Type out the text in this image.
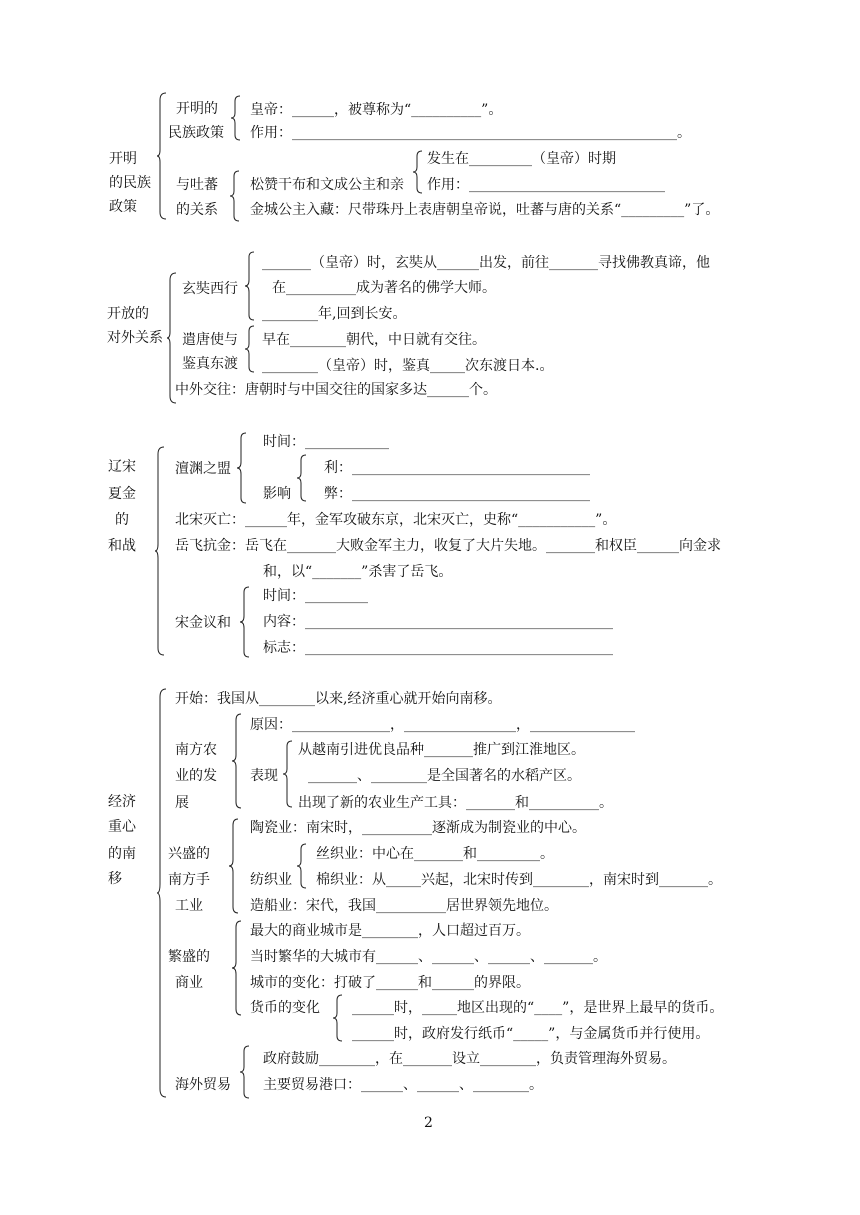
开明
的民族
政策
开明的
民族政策
皇帝：______，被尊称为“__________”。
作用：_______________________________________________________。
与吐蕃
的关系
松赞干布和文成公主和亲
发生在_________（皇帝）时期
作用：____________________________
金城公主入藏：尺带珠丹上表唐朝皇帝说，吐蕃与唐的关系“_________”了。
开放的
对外关系
玄奘西行
_______（皇帝）时，玄奘从______出发，前往_______寻找佛教真谛，他
在__________成为著名的佛学大师。
________年,回到长安。
遣唐使与
鉴真东渡
早在________朝代，中日就有交往。
________（皇帝）时，鉴真_____次东渡日本.。
中外交往：唐朝时与中国交往的国家多达______个。
辽宋
夏金
的
和战
澶渊之盟
时间：____________
影响
利：__________________________________
弊：__________________________________
北宋灭亡：______年，金军攻破东京，北宋灭亡，史称“___________”。
岳飞抗金：岳飞在_______大败金军主力，收复了大片失地。_______和权臣______向金求
和，以“_______”杀害了岳飞。
宋金议和
时间：_________
内容：____________________________________________
标志：____________________________________________
经济
重心
的南
移
开始：我国从________以来,经济重心就开始向南移。
南方农
业的发
展
原因：______________，________________，_______________
表现
从越南引进优良品种_______推广到江淮地区。
_______、________是全国著名的水稻产区。
出现了新的农业生产工具：_______和__________。
兴盛的
南方手
工业
陶瓷业：南宋时，__________逐渐成为制瓷业的中心。
纺织业
丝织业：中心在_______和_________。
棉织业：从_____兴起，北宋时传到________，南宋时到_______。
造船业：宋代，我国__________居世界领先地位。
繁盛的
商业
最大的商业城市是________，人口超过百万。
当时繁华的大城市有______、______、______、_______。
城市的变化：打破了______和______的界限。
货币的变化 ______时，_____地区出现的“____”，是世界上最早的货币。
______时，政府发行纸币“_____”，与金属货币并行使用。
海外贸易
政府鼓励________，在_______设立________，负责管理海外贸易。
主要贸易港口：______、______、________。
2
